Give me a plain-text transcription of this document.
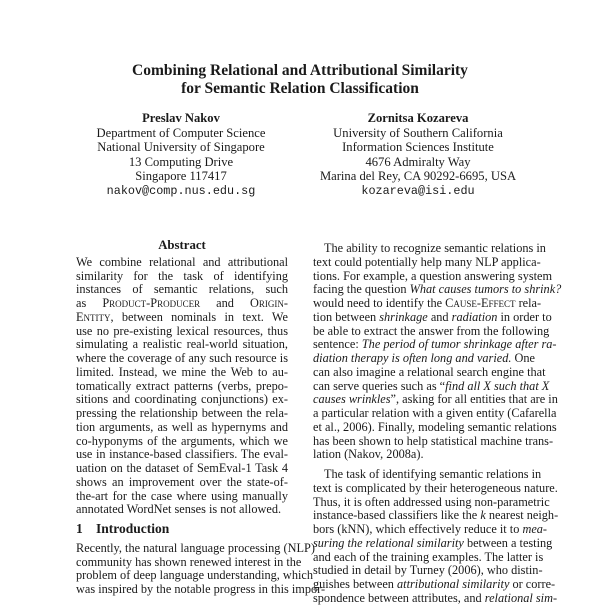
Combining Relational and Attributional Similarity
for Semantic Relation Classification
Preslav Nakov
Department of Computer Science
National University of Singapore
13 Computing Drive
Singapore 117417
nakov@comp.nus.edu.sg
Zornitsa Kozareva
University of Southern California
Information Sciences Institute
4676 Admiralty Way
Marina del Rey, CA 90292-6695, USA
kozareva@isi.edu
Abstract
We combine relational and attributional
similarity for the task of identifying
instances of semantic relations, such
as Product-Producer and Origin-
Entity, between nominals in text. We
use no pre-existing lexical resources, thus
simulating a realistic real-world situation,
where the coverage of any such resource is
limited. Instead, we mine the Web to au-
tomatically extract patterns (verbs, prepo-
sitions and coordinating conjunctions) ex-
pressing the relationship between the rela-
tion arguments, as well as hypernyms and
co-hyponyms of the arguments, which we
use in instance-based classifiers. The eval-
uation on the dataset of SemEval-1 Task 4
shows an improvement over the state-of-
the-art for the case where using manually
annotated WordNet senses is not allowed.
1 Introduction
Recently, the natural language processing (NLP)
community has shown renewed interest in the
problem of deep language understanding, which
was inspired by the notable progress in this impor-
The ability to recognize semantic relations in
text could potentially help many NLP applica-
tions. For example, a question answering system
facing the question What causes tumors to shrink?
would need to identify the Cause-Effect rela-
tion between shrinkage and radiation in order to
be able to extract the answer from the following
sentence: The period of tumor shrinkage after ra-
diation therapy is often long and varied. One
can also imagine a relational search engine that
can serve queries such as “find all X such that X
causes wrinkles”, asking for all entities that are in
a particular relation with a given entity (Cafarella
et al., 2006). Finally, modeling semantic relations
has been shown to help statistical machine trans-
lation (Nakov, 2008a).
The task of identifying semantic relations in
text is complicated by their heterogeneous nature.
Thus, it is often addressed using non-parametric
instance-based classifiers like the k nearest neigh-
bors (kNN), which effectively reduce it to mea-
suring the relational similarity between a testing
and each of the training examples. The latter is
studied in detail by Turney (2006), who distin-
guishes between attributional similarity or corre-
spondence between attributes, and relational sim-
